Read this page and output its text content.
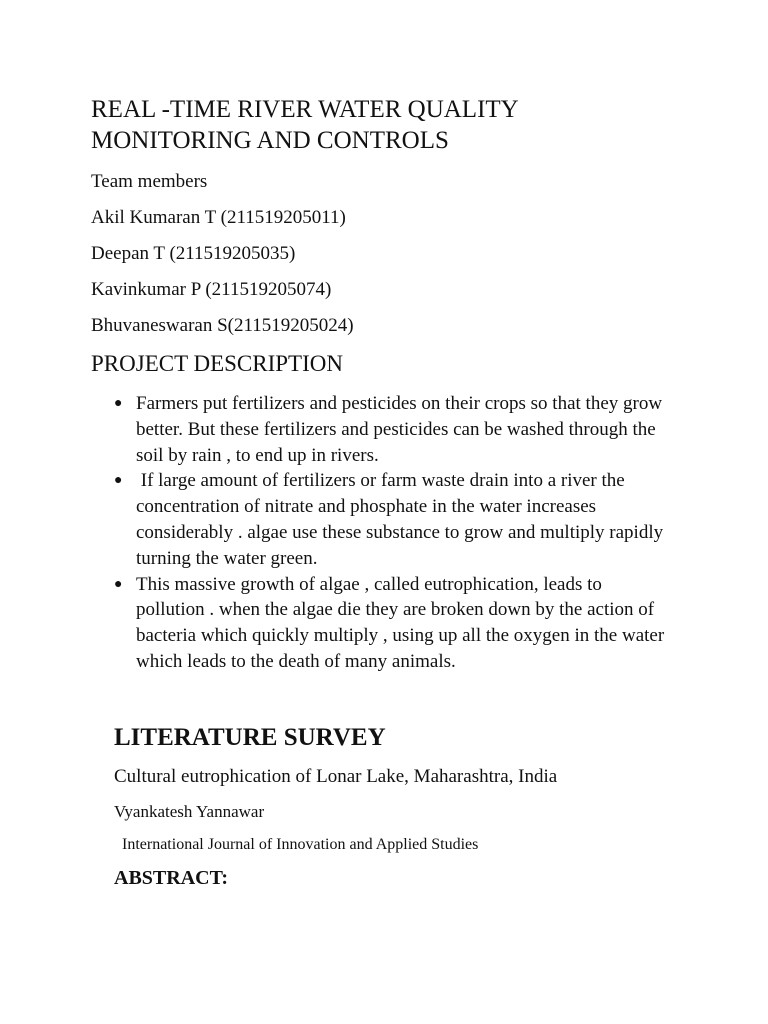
REAL -TIME RIVER WATER QUALITY
MONITORING AND CONTROLS

Team members

Akil Kumaran T (211519205011)

Deepan T (211519205035)

Kavinkumar P (211519205074)

Bhuvaneswaran S(211519205024)

PROJECT DESCRIPTION
● Farmers put fertilizers and pesticides on their crops so that they grow better. But these fertilizers and pesticides can be washed through the soil by rain , to end up in rivers.
● If large amount of fertilizers or farm waste drain into a river the concentration of nitrate and phosphate in the water increases considerably . algae use these substance to grow and multiply rapidly turning the water green.
● This massive growth of algae , called eutrophication, leads to pollution . when the algae die they are broken down by the action of bacteria which quickly multiply , using up all the oxygen in the water which leads to the death of many animals.
LITERATURE SURVEY

Cultural eutrophication of Lonar Lake, Maharashtra, India

Vyankatesh Yannawar

International Journal of Innovation and Applied Studies

ABSTRACT:
